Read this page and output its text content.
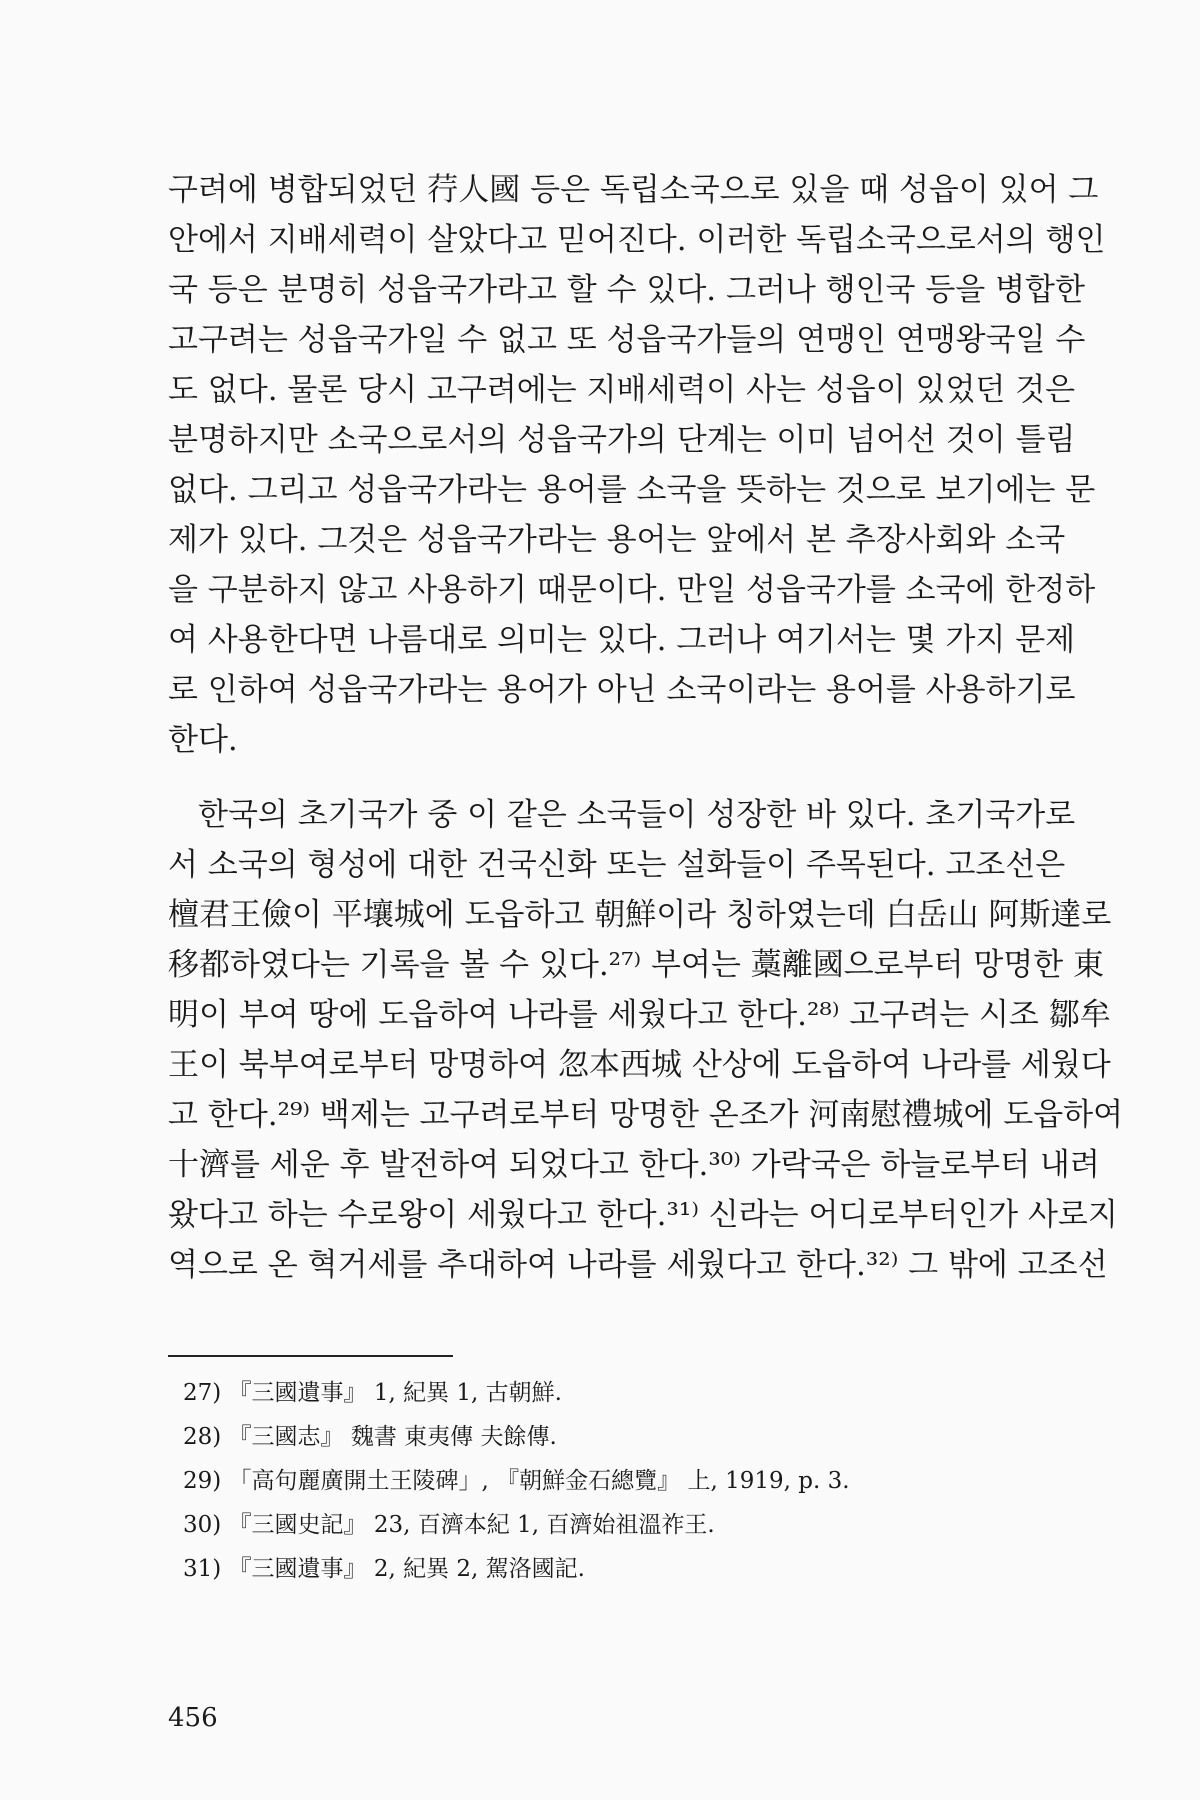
구려에 병합되었던 荇人國 등은 독립소국으로 있을 때 성읍이 있어 그
안에서 지배세력이 살았다고 믿어진다. 이러한 독립소국으로서의 행인
국 등은 분명히 성읍국가라고 할 수 있다. 그러나 행인국 등을 병합한
고구려는 성읍국가일 수 없고 또 성읍국가들의 연맹인 연맹왕국일 수
도 없다. 물론 당시 고구려에는 지배세력이 사는 성읍이 있었던 것은
분명하지만 소국으로서의 성읍국가의 단계는 이미 넘어선 것이 틀림
없다. 그리고 성읍국가라는 용어를 소국을 뜻하는 것으로 보기에는 문
제가 있다. 그것은 성읍국가라는 용어는 앞에서 본 추장사회와 소국
을 구분하지 않고 사용하기 때문이다. 만일 성읍국가를 소국에 한정하
여 사용한다면 나름대로 의미는 있다. 그러나 여기서는 몇 가지 문제
로 인하여 성읍국가라는 용어가 아닌 소국이라는 용어를 사용하기로
한다.
한국의 초기국가 중 이 같은 소국들이 성장한 바 있다. 초기국가로
서 소국의 형성에 대한 건국신화 또는 설화들이 주목된다. 고조선은
檀君王儉이 平壤城에 도읍하고 朝鮮이라 칭하였는데 白岳山 阿斯達로
移都하였다는 기록을 볼 수 있다.²⁷⁾ 부여는 藁離國으로부터 망명한 東
明이 부여 땅에 도읍하여 나라를 세웠다고 한다.²⁸⁾ 고구려는 시조 鄒牟
王이 북부여로부터 망명하여 忽本西城 산상에 도읍하여 나라를 세웠다
고 한다.²⁹⁾ 백제는 고구려로부터 망명한 온조가 河南慰禮城에 도읍하여
十濟를 세운 후 발전하여 되었다고 한다.³⁰⁾ 가락국은 하늘로부터 내려
왔다고 하는 수로왕이 세웠다고 한다.³¹⁾ 신라는 어디로부터인가 사로지
역으로 온 혁거세를 추대하여 나라를 세웠다고 한다.³²⁾ 그 밖에 고조선
27) 『三國遺事』 1, 紀異 1, 古朝鮮.
28) 『三國志』 魏書 東夷傳 夫餘傳.
29) 「高句麗廣開土王陵碑」, 『朝鮮金石總覽』 上, 1919, p. 3.
30) 『三國史記』 23, 百濟本紀 1, 百濟始祖溫祚王.
31) 『三國遺事』 2, 紀異 2, 駕洛國記.
456
